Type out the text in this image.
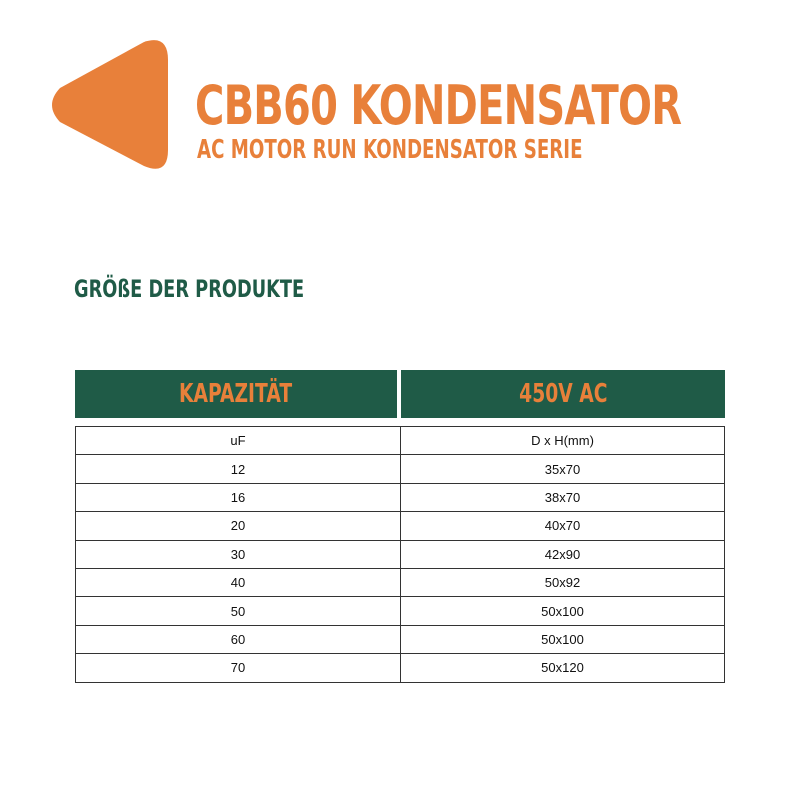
CBB60 KONDENSATOR
AC MOTOR RUN KONDENSATOR SERIE
GRÖßE DER PRODUKTE
KAPAZITÄT	450V AC
uF	D x H(mm)
12	35x70
16	38x70
20	40x70
30	42x90
40	50x92
50	50x100
60	50x100
70	50x120
